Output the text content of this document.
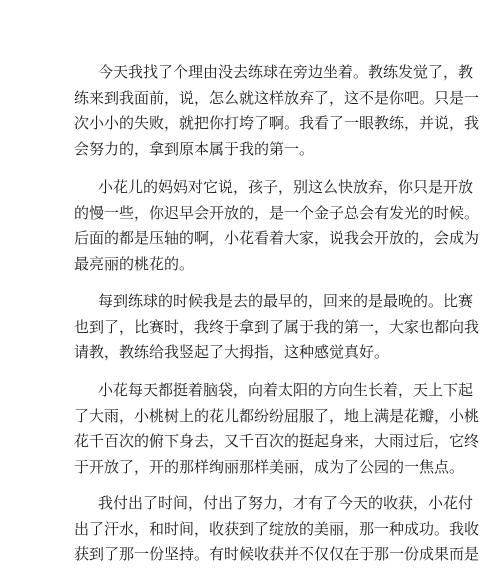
今天我找了个理由没去练球在旁边坐着。教练发觉了，教
练来到我面前，说，怎么就这样放弃了，这不是你吧。只是一
次小小的失败，就把你打垮了啊。我看了一眼教练，并说，我
会努力的，拿到原本属于我的第一。
小花儿的妈妈对它说，孩子，别这么快放弃，你只是开放
的慢一些，你迟早会开放的，是一个金子总会有发光的时候。
后面的都是压轴的啊，小花看着大家，说我会开放的，会成为
最亮丽的桃花的。
每到练球的时候我是去的最早的，回来的是最晚的。比赛
也到了，比赛时，我终于拿到了属于我的第一，大家也都向我
请教，教练给我竖起了大拇指，这种感觉真好。
小花每天都挺着脑袋，向着太阳的方向生长着，天上下起
了大雨，小桃树上的花儿都纷纷屈服了，地上满是花瓣，小桃
花千百次的俯下身去，又千百次的挺起身来，大雨过后，它终
于开放了，开的那样绚丽那样美丽，成为了公园的一焦点。
我付出了时间，付出了努力，才有了今天的收获，小花付
出了汗水，和时间，收获到了绽放的美丽，那一种成功。我收
获到了那一份坚持。有时候收获并不仅仅在于那一份成果而是
